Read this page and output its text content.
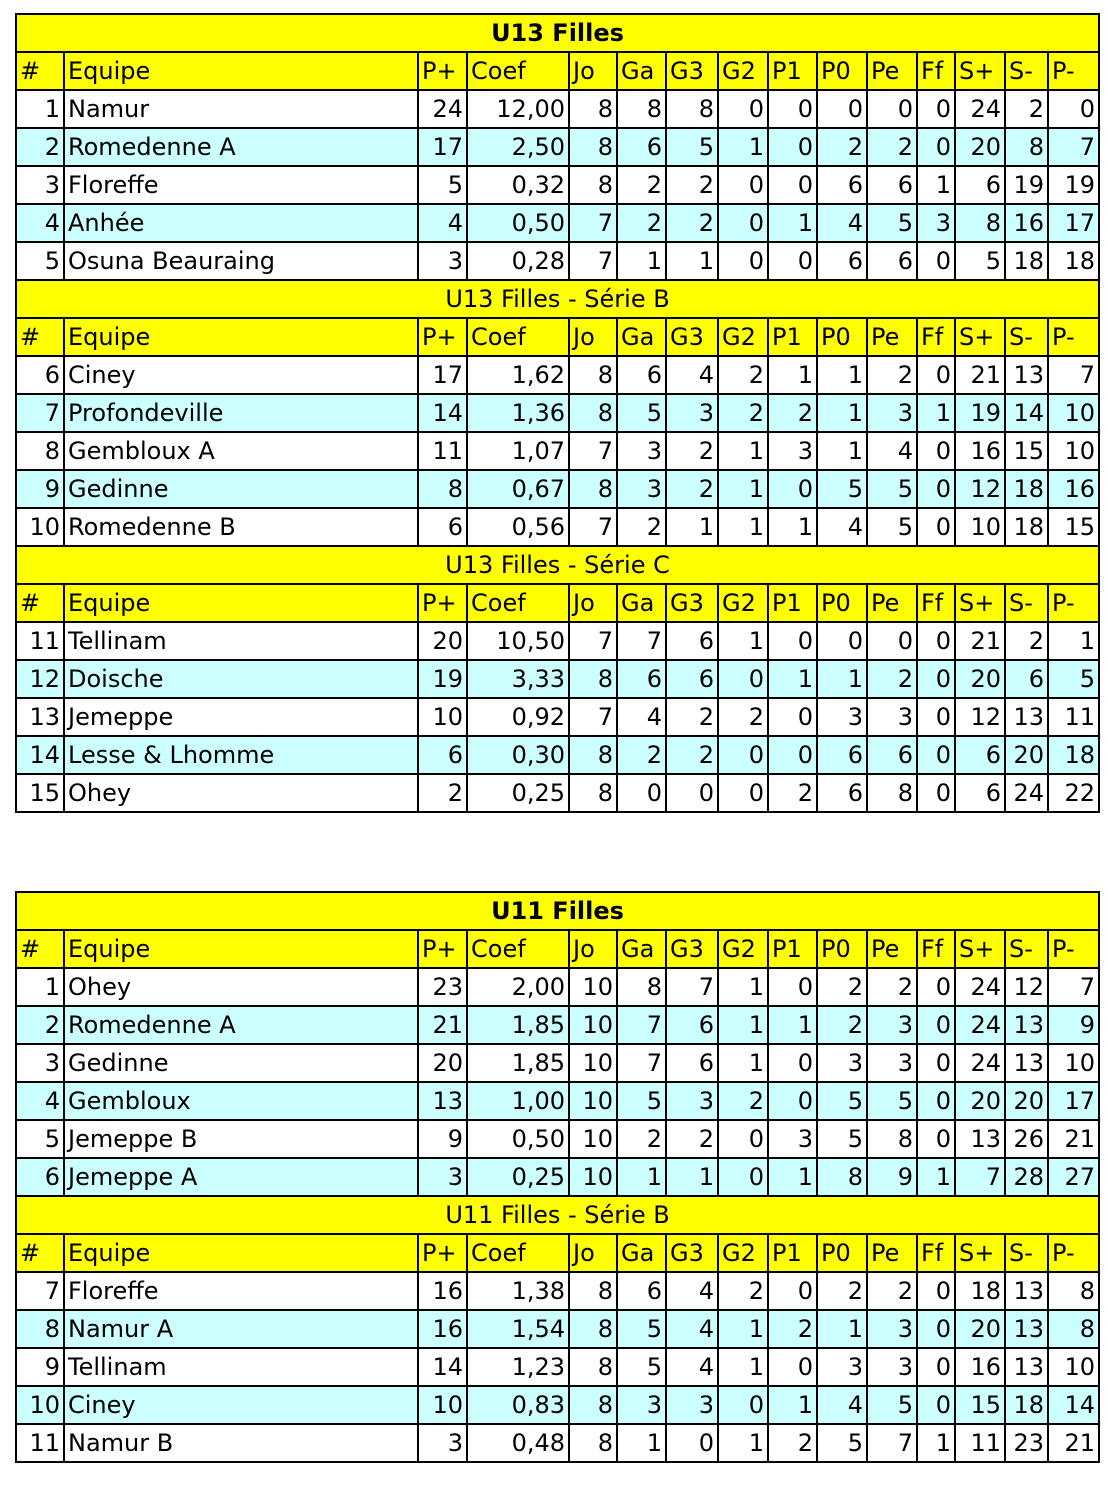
U13 Filles														
#	Equipe	P+	Coef	Jo	Ga	G3	G2	P1	P0	Pe	Ff	S+	S-	P-
1	Namur	24	12,00	8	8	8	0	0	0	0	0	24	2	0
2	Romedenne A	17	2,50	8	6	5	1	0	2	2	0	20	8	7
3	Floreffe	5	0,32	8	2	2	0	0	6	6	1	6	19	19
4	Anhée	4	0,50	7	2	2	0	1	4	5	3	8	16	17
5	Osuna Beauraing	3	0,28	7	1	1	0	0	6	6	0	5	18	18
U13 Filles - Série B														
#	Equipe	P+	Coef	Jo	Ga	G3	G2	P1	P0	Pe	Ff	S+	S-	P-
6	Ciney	17	1,62	8	6	4	2	1	1	2	0	21	13	7
7	Profondeville	14	1,36	8	5	3	2	2	1	3	1	19	14	10
8	Gembloux A	11	1,07	7	3	2	1	3	1	4	0	16	15	10
9	Gedinne	8	0,67	8	3	2	1	0	5	5	0	12	18	16
10	Romedenne B	6	0,56	7	2	1	1	1	4	5	0	10	18	15
U13 Filles - Série C														
#	Equipe	P+	Coef	Jo	Ga	G3	G2	P1	P0	Pe	Ff	S+	S-	P-
11	Tellinam	20	10,50	7	7	6	1	0	0	0	0	21	2	1
12	Doische	19	3,33	8	6	6	0	1	1	2	0	20	6	5
13	Jemeppe	10	0,92	7	4	2	2	0	3	3	0	12	13	11
14	Lesse & Lhomme	6	0,30	8	2	2	0	0	6	6	0	6	20	18
15	Ohey	2	0,25	8	0	0	0	2	6	8	0	6	24	22
U11 Filles														
#	Equipe	P+	Coef	Jo	Ga	G3	G2	P1	P0	Pe	Ff	S+	S-	P-
1	Ohey	23	2,00	10	8	7	1	0	2	2	0	24	12	7
2	Romedenne A	21	1,85	10	7	6	1	1	2	3	0	24	13	9
3	Gedinne	20	1,85	10	7	6	1	0	3	3	0	24	13	10
4	Gembloux	13	1,00	10	5	3	2	0	5	5	0	20	20	17
5	Jemeppe B	9	0,50	10	2	2	0	3	5	8	0	13	26	21
6	Jemeppe A	3	0,25	10	1	1	0	1	8	9	1	7	28	27
U11 Filles - Série B														
#	Equipe	P+	Coef	Jo	Ga	G3	G2	P1	P0	Pe	Ff	S+	S-	P-
7	Floreffe	16	1,38	8	6	4	2	0	2	2	0	18	13	8
8	Namur A	16	1,54	8	5	4	1	2	1	3	0	20	13	8
9	Tellinam	14	1,23	8	5	4	1	0	3	3	0	16	13	10
10	Ciney	10	0,83	8	3	3	0	1	4	5	0	15	18	14
11	Namur B	3	0,48	8	1	0	1	2	5	7	1	11	23	21
